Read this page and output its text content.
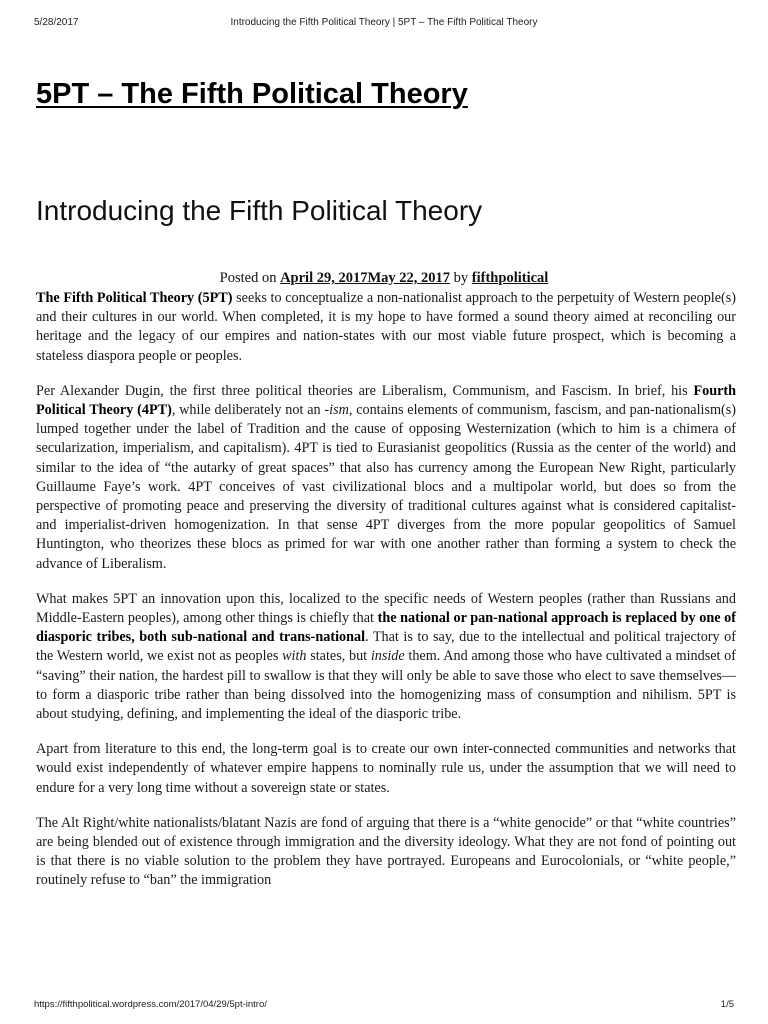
5/28/2017	Introducing the Fifth Political Theory | 5PT – The Fifth Political Theory
5PT – The Fifth Political Theory
Introducing the Fifth Political Theory
Posted on April 29, 2017May 22, 2017 by fifthpolitical

The Fifth Political Theory (5PT) seeks to conceptualize a non-nationalist approach to the perpetuity of Western people(s) and their cultures in our world. When completed, it is my hope to have formed a sound theory aimed at reconciling our heritage and the legacy of our empires and nation-states with our most viable future prospect, which is becoming a stateless diaspora people or peoples.

Per Alexander Dugin, the first three political theories are Liberalism, Communism, and Fascism. In brief, his Fourth Political Theory (4PT), while deliberately not an -ism, contains elements of communism, fascism, and pan-nationalism(s) lumped together under the label of Tradition and the cause of opposing Westernization (which to him is a chimera of secularization, imperialism, and capitalism). 4PT is tied to Eurasianist geopolitics (Russia as the center of the world) and similar to the idea of “the autarky of great spaces” that also has currency among the European New Right, particularly Guillaume Faye’s work. 4PT conceives of vast civilizational blocs and a multipolar world, but does so from the perspective of promoting peace and preserving the diversity of traditional cultures against what is considered capitalist- and imperialist-driven homogenization. In that sense 4PT diverges from the more popular geopolitics of Samuel Huntington, who theorizes these blocs as primed for war with one another rather than forming a system to check the advance of Liberalism.

What makes 5PT an innovation upon this, localized to the specific needs of Western peoples (rather than Russians and Middle-Eastern peoples), among other things is chiefly that the national or pan-national approach is replaced by one of diasporic tribes, both sub-national and trans-national. That is to say, due to the intellectual and political trajectory of the Western world, we exist not as peoples with states, but inside them. And among those who have cultivated a mindset of “saving” their nation, the hardest pill to swallow is that they will only be able to save those who elect to save themselves—to form a diasporic tribe rather than being dissolved into the homogenizing mass of consumption and nihilism. 5PT is about studying, defining, and implementing the ideal of the diasporic tribe.

Apart from literature to this end, the long-term goal is to create our own inter-connected communities and networks that would exist independently of whatever empire happens to nominally rule us, under the assumption that we will need to endure for a very long time without a sovereign state or states.

The Alt Right/white nationalists/blatant Nazis are fond of arguing that there is a “white genocide” or that “white countries” are being blended out of existence through immigration and the diversity ideology. What they are not fond of pointing out is that there is no viable solution to the problem they have portrayed. Europeans and Eurocolonials, or “white people,” routinely refuse to “ban” the immigration

https://fifthpolitical.wordpress.com/2017/04/29/5pt-intro/	1/5
